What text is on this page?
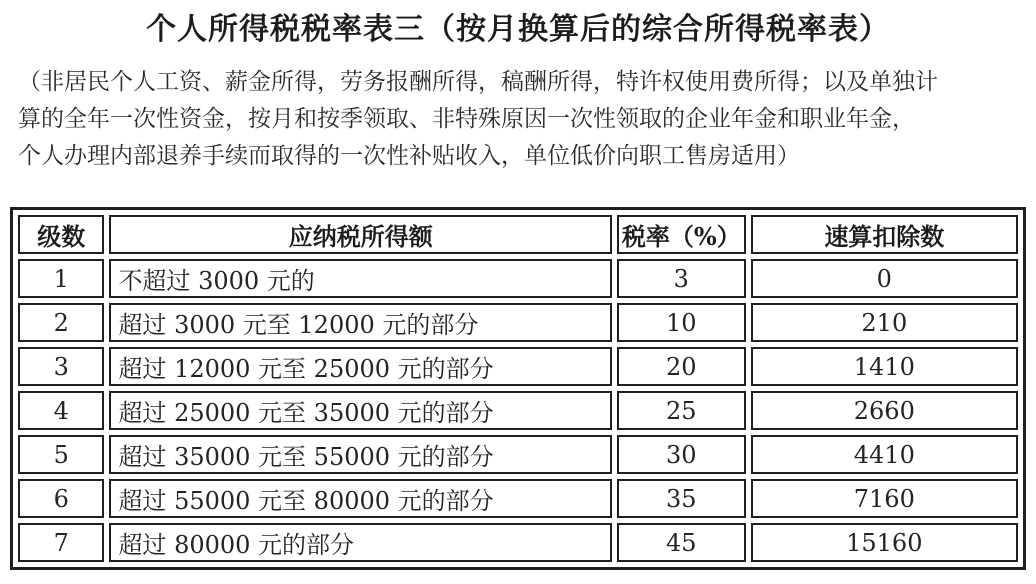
个人所得税税率表三（按月换算后的综合所得税率表）
（非居民个人工资、薪金所得，劳务报酬所得，稿酬所得，特许权使用费所得；以及单独计
算的全年一次性资金，按月和按季领取、非特殊原因一次性领取的企业年金和职业年金，
个人办理内部退养手续而取得的一次性补贴收入，单位低价向职工售房适用）
级数	应纳税所得额	税率（%）	速算扣除数
1	不超过 3000 元的	3	0
2	超过 3000 元至 12000 元的部分	10	210
3	超过 12000 元至 25000 元的部分	20	1410
4	超过 25000 元至 35000 元的部分	25	2660
5	超过 35000 元至 55000 元的部分	30	4410
6	超过 55000 元至 80000 元的部分	35	7160
7	超过 80000 元的部分	45	15160
